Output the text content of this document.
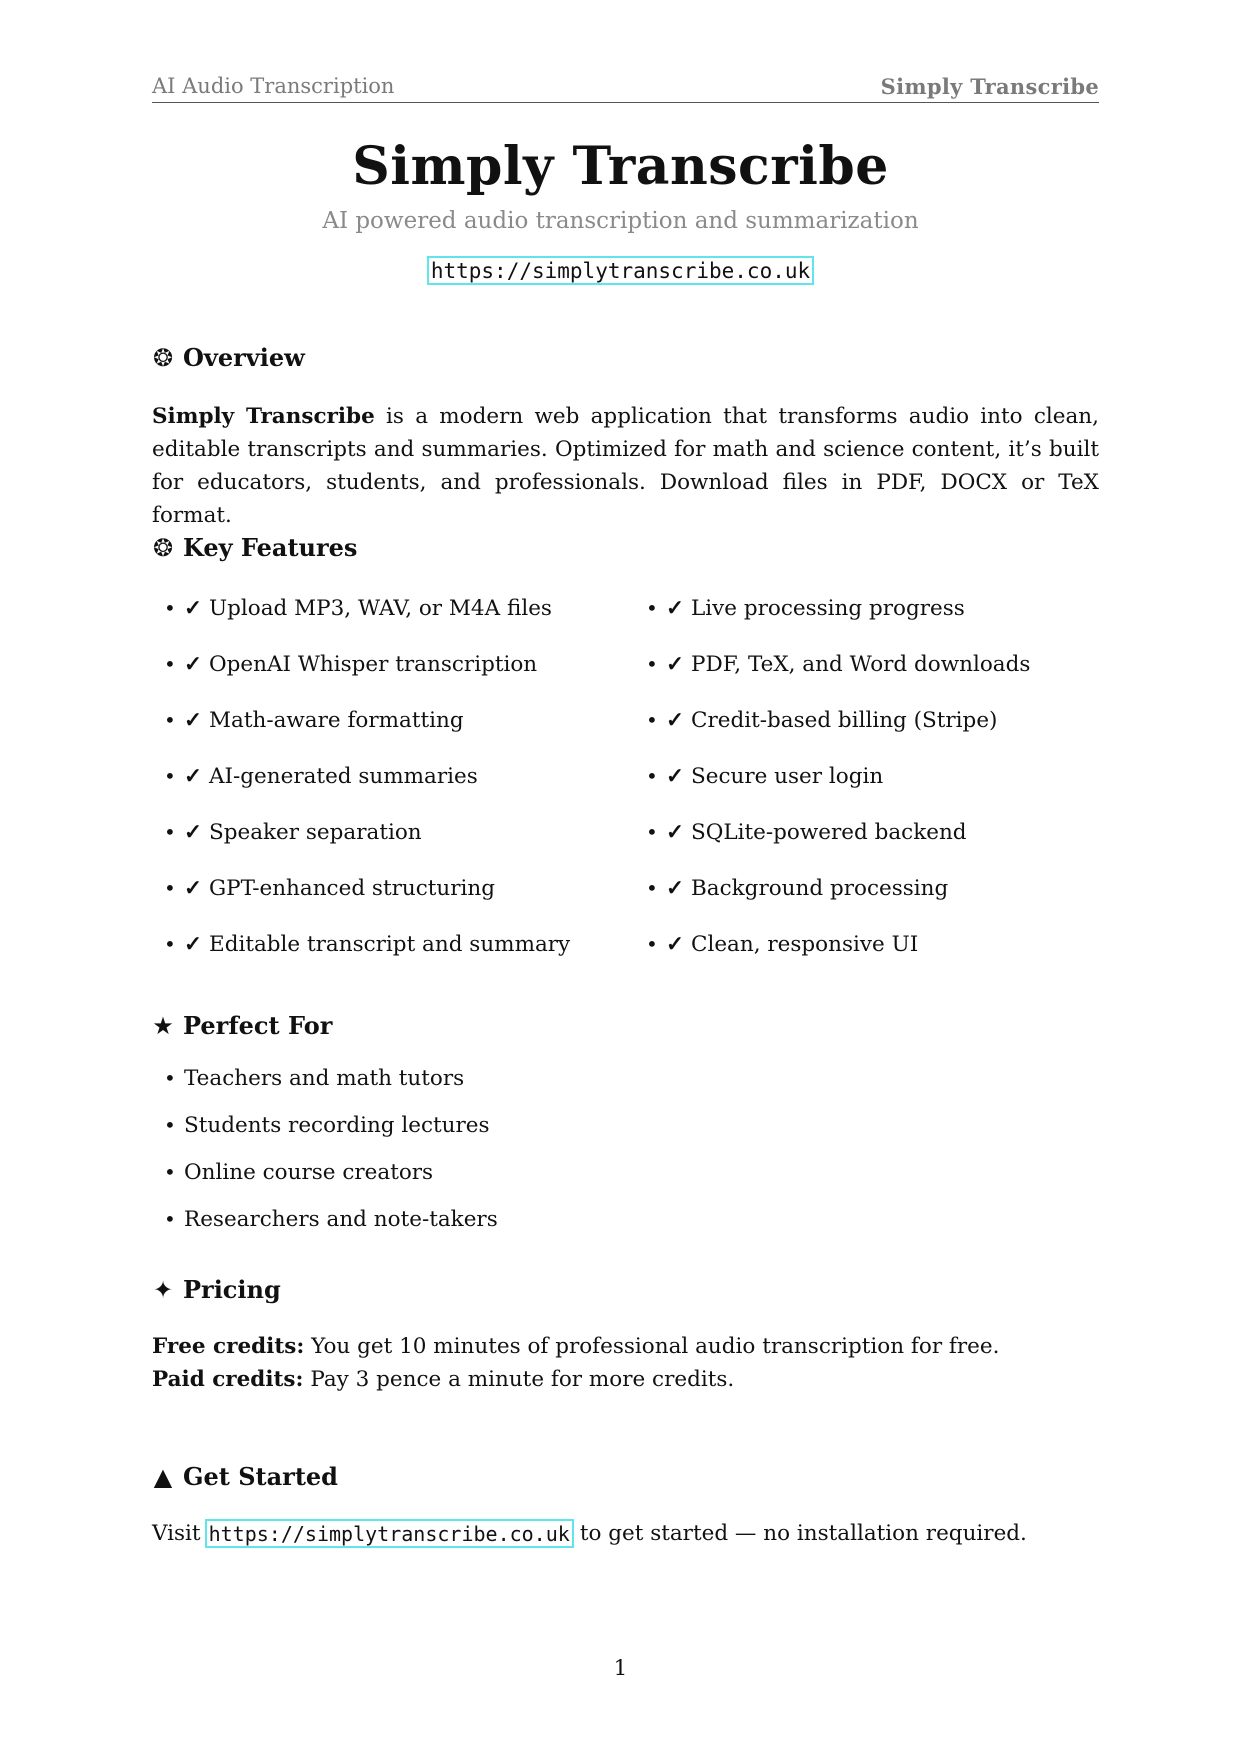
AI Audio Transcription	Simply Transcribe
Simply Transcribe
AI powered audio transcription and summarization
https://simplytranscribe.co.uk
❂ Overview
Simply Transcribe is a modern web application that transforms audio into clean, editable transcripts and summaries. Optimized for math and science content, it’s built for educators, students, and professionals. Download files in PDF, DOCX or TeX format.
❂ Key Features
• ✓ Upload MP3, WAV, or M4A files
• ✓ OpenAI Whisper transcription
• ✓ Math-aware formatting
• ✓ AI-generated summaries
• ✓ Speaker separation
• ✓ GPT-enhanced structuring
• ✓ Editable transcript and summary
• ✓ Live processing progress
• ✓ PDF, TeX, and Word downloads
• ✓ Credit-based billing (Stripe)
• ✓ Secure user login
• ✓ SQLite-powered backend
• ✓ Background processing
• ✓ Clean, responsive UI
★ Perfect For
• Teachers and math tutors
• Students recording lectures
• Online course creators
• Researchers and note-takers
✦ Pricing
Free credits: You get 10 minutes of professional audio transcription for free.
Paid credits: Pay 3 pence a minute for more credits.
▲ Get Started
Visit https://simplytranscribe.co.uk to get started — no installation required.
1
